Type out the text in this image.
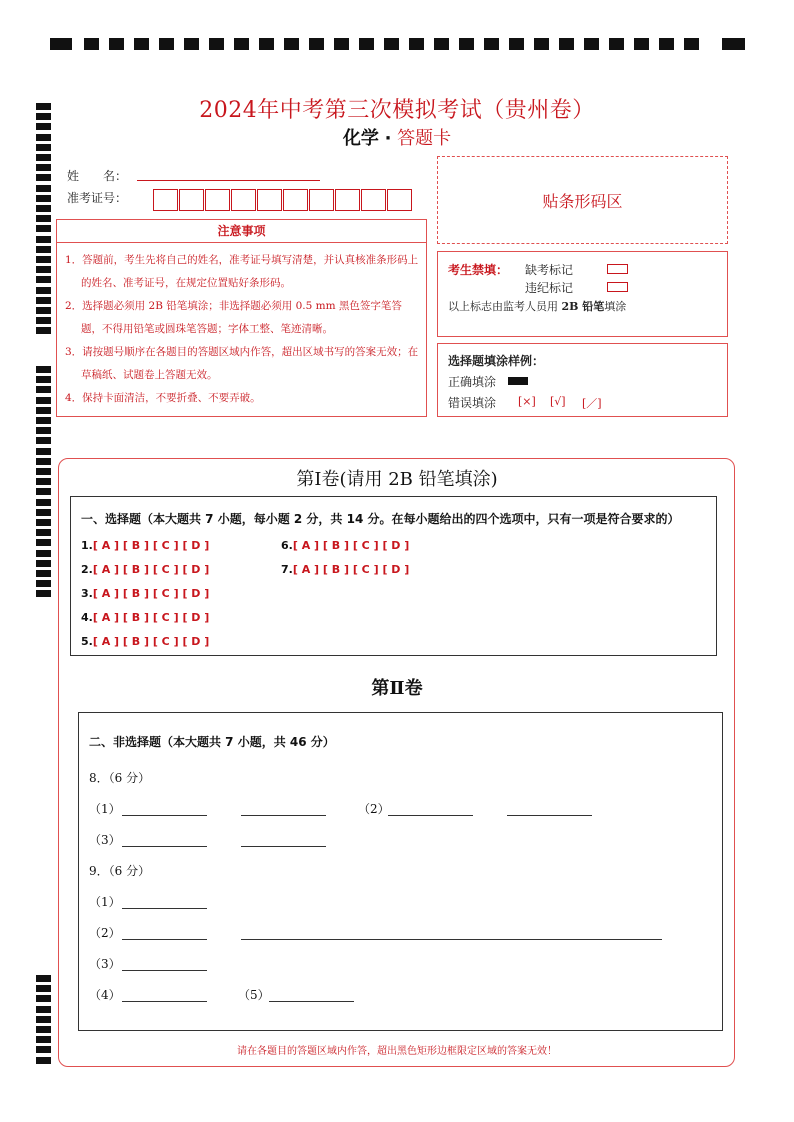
2024年中考第三次模拟考试（贵州卷）
化学 · 答题卡
姓　　名：
准考证号：	贴条形码区
注意事项
1．答题前，考生先将自己的姓名，准考证号填写清楚，并认真核准条形码上的姓名、准考证号，在规定位置贴好条形码。
2．选择题必须用 2B 铅笔填涂；非选择题必须用 0.5 mm 黑色签字笔答题，不得用铅笔或圆珠笔答题；字体工整、笔迹清晰。
3．请按题号顺序在各题目的答题区域内作答，超出区域书写的答案无效；在草稿纸、试题卷上答题无效。
4．保持卡面清洁，不要折叠、不要弄破。
考生禁填： 缺考标记
违纪标记
以上标志由监考人员用 2B 铅笔填涂
选择题填涂样例：
正确填涂
错误填涂 [×] [√] [／]
第Ⅰ卷(请用 2B 铅笔填涂)
一、选择题（本大题共 7 小题，每小题 2 分，共 14 分。在每小题给出的四个选项中，只有一项是符合要求的）
1.[ A ] [ B ] [ C ] [ D ]
2.[ A ] [ B ] [ C ] [ D ]
3.[ A ] [ B ] [ C ] [ D ]
4.[ A ] [ B ] [ C ] [ D ]
5.[ A ] [ B ] [ C ] [ D ]
6.[ A ] [ B ] [ C ] [ D ]
7.[ A ] [ B ] [ C ] [ D ]
第Ⅱ卷
二、非选择题（本大题共 7 小题，共 46 分）
8．（6 分）
（1）	（2）
（3）
9．（6 分）
（1）
（2）
（3）
（4）	（5）
请在各题目的答题区域内作答，超出黑色矩形边框限定区域的答案无效！
